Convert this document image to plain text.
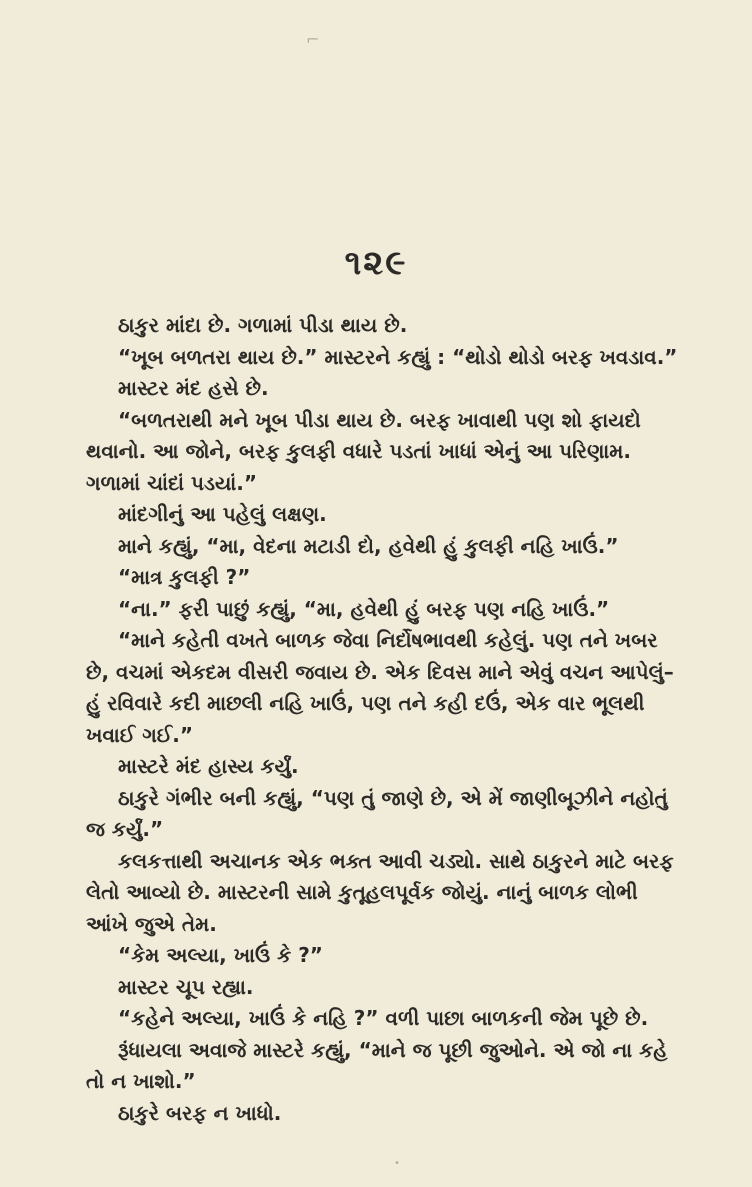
⌐
૧૨૯

ઠાકુર માંદા છે. ગળામાં પીડા થાય છે.

“ખૂબ બળતરા થાય છે.” માસ્ટરને કહ્યું : “થોડો થોડો બરફ ખવડાવ.”

માસ્ટર મંદ હસે છે.

“બળતરાથી મને ખૂબ પીડા થાય છે. બરફ ખાવાથી પણ શો ફાયદો થવાનો. આ જોને, બરફ કુલફી વધારે પડતાં ખાધાં એનું આ પરિણામ. ગળામાં ચાંદાં પડયાં.”

માંદગીનું આ પહેલું લક્ષણ.

માને કહ્યું, “મા, વેદના મટાડી દો, હવેથી હું કુલફી નહિ ખાઉં.”

“માત્ર કુલફી ?”

“ના.” ફરી પાછું કહ્યું, “મા, હવેથી હું બરફ પણ નહિ ખાઉં.”

“માને કહેતી વખતે બાળક જેવા નિર્દોષભાવથી કહેલું. પણ તને ખબર છે, વચમાં એકદમ વીસરી જવાય છે. એક દિવસ માને એવું વચન આપેલું– હું રવિવારે કદી માછલી નહિ ખાઉં, પણ તને કહી દઉં, એક વાર ભૂલથી ખવાઈ ગઈ.”

માસ્ટરે મંદ હાસ્ય કર્યું.

ઠાકુરે ગંભીર બની કહ્યું, “પણ તું જાણે છે, એ મેં જાણીબૂઝીને નહોતું જ કર્યું.”

કલકત્તાથી અચાનક એક ભક્ત આવી ચડ્યો. સાથે ઠાકુરને માટે બરફ લેતો આવ્યો છે. માસ્ટરની સામે કુતૂહલપૂર્વક જોયું. નાનું બાળક લોભી આંખે જુએ તેમ.

“કેમ અલ્યા, ખાઉં કે ?”

માસ્ટર ચૂપ રહ્યા.

“કહેને અલ્યા, ખાઉં કે નહિ ?” વળી પાછા બાળકની જેમ પૂછે છે.

રૂંધાયલા અવાજે માસ્ટરે કહ્યું, “માને જ પૂછી જુઓને. એ જો ના કહે તો ન ખાશો.”

ઠાકુરે બરફ ન ખાધો.

•
